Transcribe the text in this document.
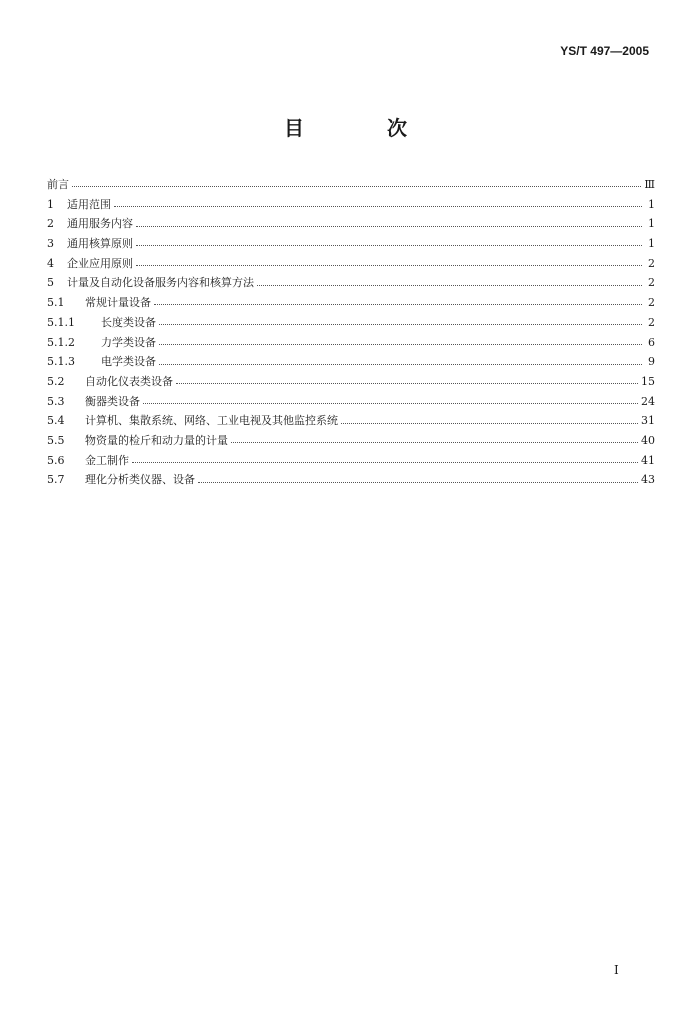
YS/T 497—2005
目 次
前言	Ⅲ
1	适用范围	1
2	通用服务内容	1
3	通用核算原则	1
4	企业应用原则	2
5	计量及自动化设备服务内容和核算方法	2
5.1	常规计量设备	2
5.1.1	长度类设备	2
5.1.2	力学类设备	6
5.1.3	电学类设备	9
5.2	自动化仪表类设备	15
5.3	衡器类设备	24
5.4	计算机、集散系统、网络、工业电视及其他监控系统	31
5.5	物资量的检斤和动力量的计量	40
5.6	金工制作	41
5.7	理化分析类仪器、设备	43
I
